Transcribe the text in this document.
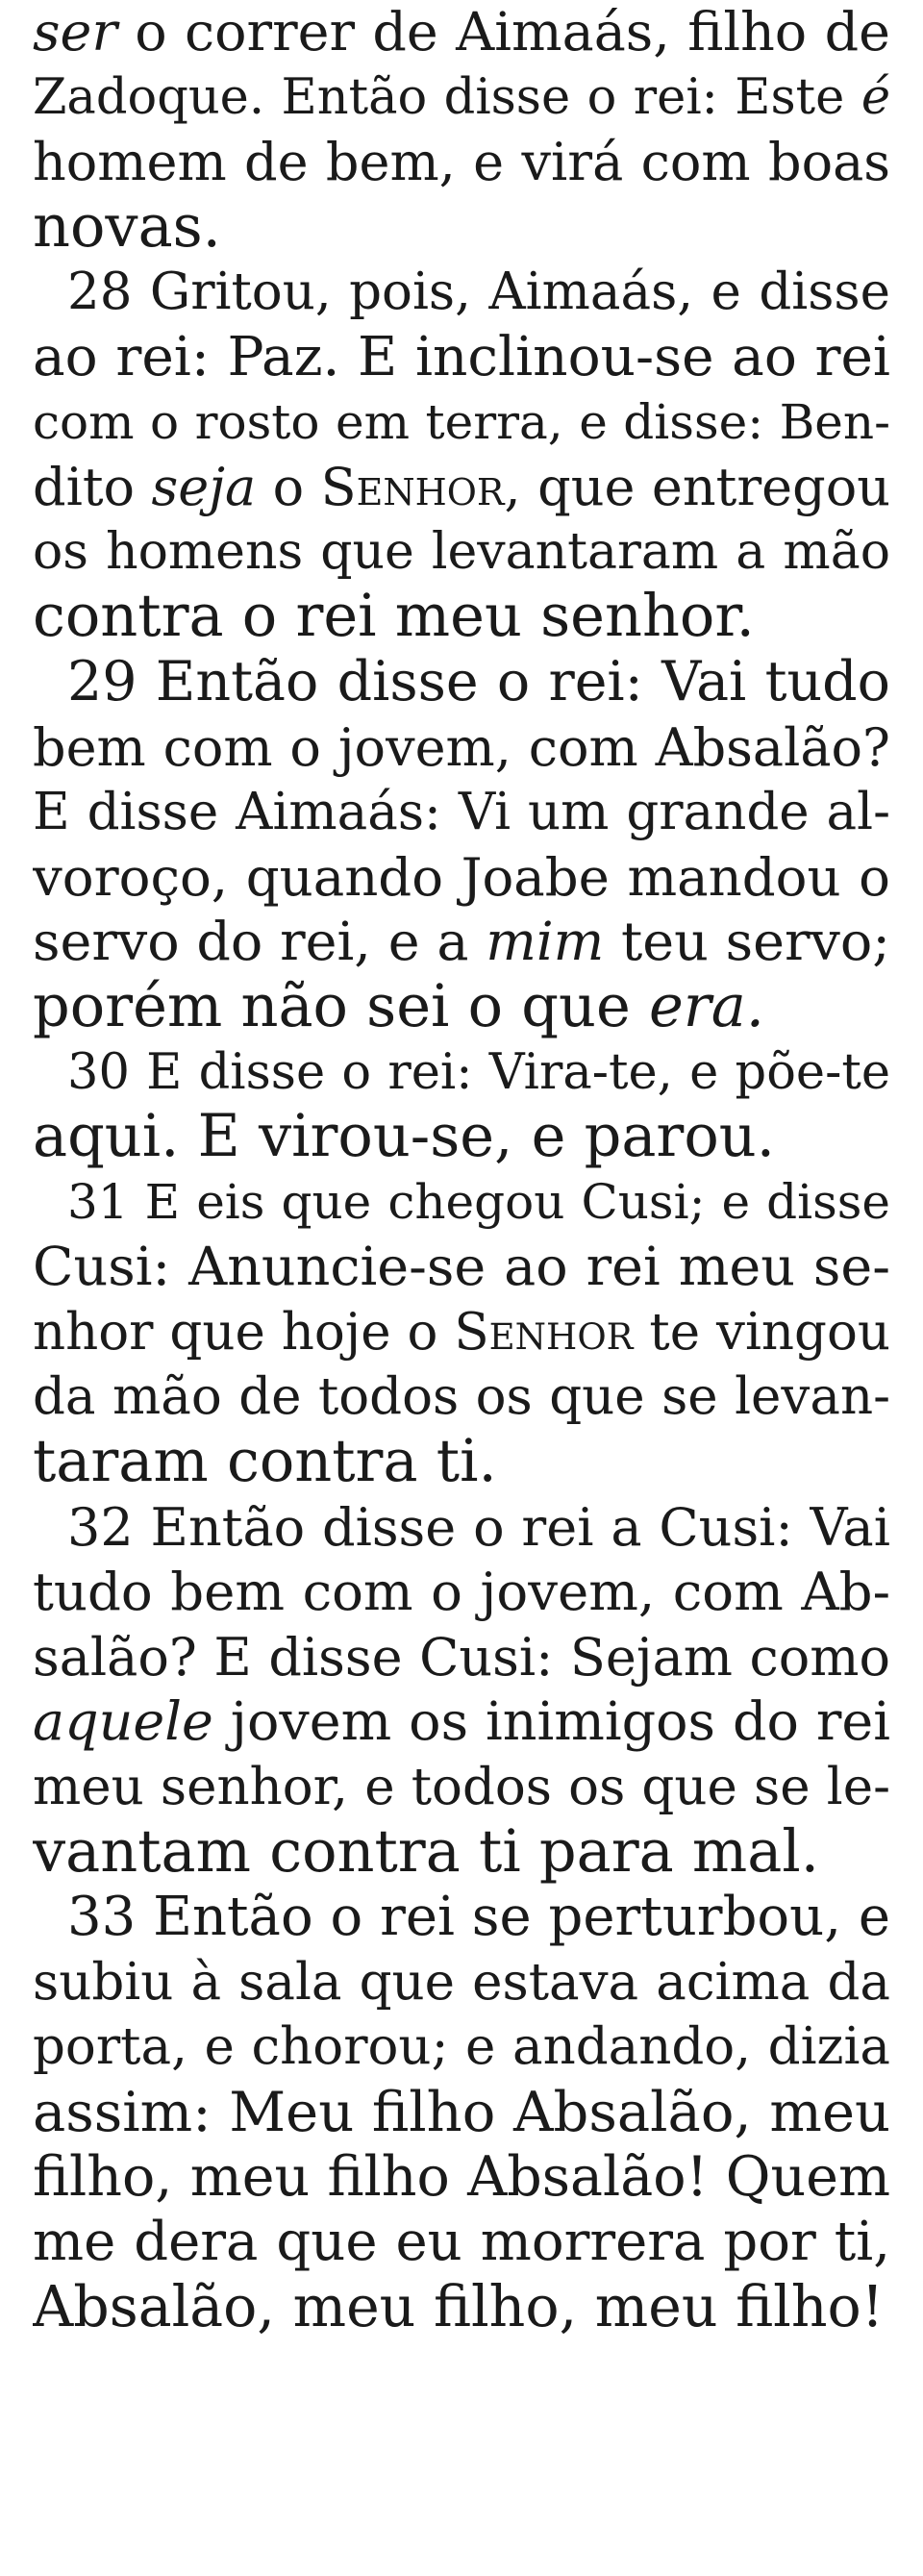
ser o correr de Aimaás, filho de
Zadoque. Então disse o rei: Este é
homem de bem, e virá com boas
novas.
28 Gritou, pois, Aimaás, e disse
ao rei: Paz. E inclinou-se ao rei
com o rosto em terra, e disse: Ben-
dito seja o Senhor, que entregou
os homens que levantaram a mão
contra o rei meu senhor.
29 Então disse o rei: Vai tudo
bem com o jovem, com Absalão?
E disse Aimaás: Vi um grande al-
voroço, quando Joabe mandou o
servo do rei, e a mim teu servo;
porém não sei o que era.
30 E disse o rei: Vira-te, e põe-te
aqui. E virou-se, e parou.
31 E eis que chegou Cusi; e disse
Cusi: Anuncie-se ao rei meu se-
nhor que hoje o Senhor te vingou
da mão de todos os que se levan-
taram contra ti.
32 Então disse o rei a Cusi: Vai
tudo bem com o jovem, com Ab-
salão? E disse Cusi: Sejam como
aquele jovem os inimigos do rei
meu senhor, e todos os que se le-
vantam contra ti para mal.
33 Então o rei se perturbou, e
subiu à sala que estava acima da
porta, e chorou; e andando, dizia
assim: Meu filho Absalão, meu
filho, meu filho Absalão! Quem
me dera que eu morrera por ti,
Absalão, meu filho, meu filho!
